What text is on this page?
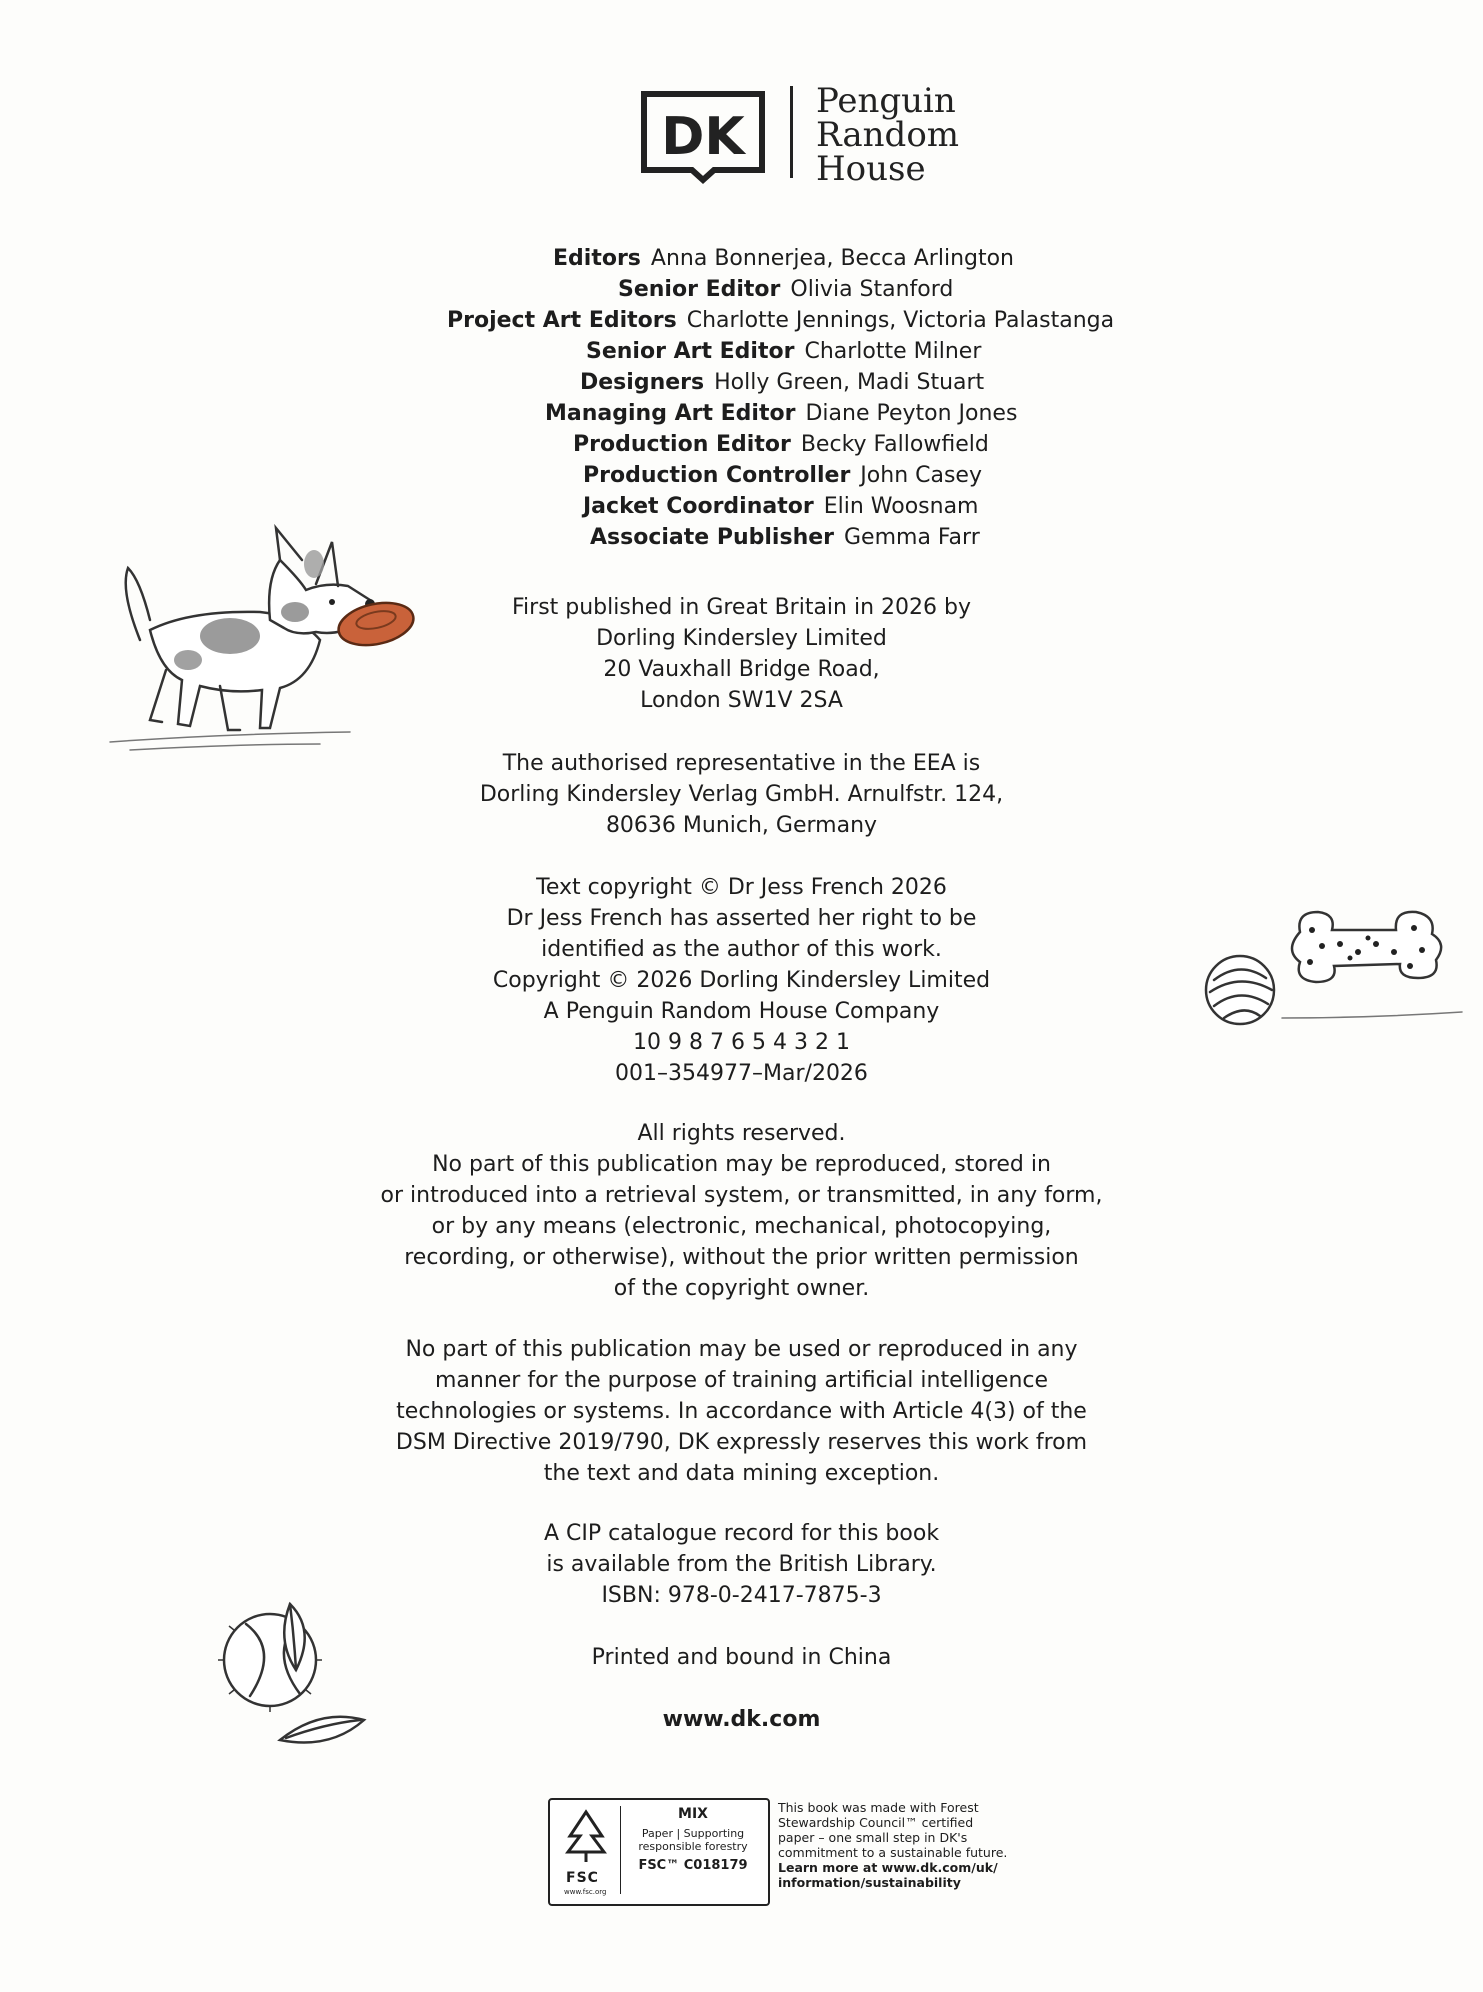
DK
Penguin
Random
House
Editors Anna Bonnerjea, Becca Arlington
Senior Editor Olivia Stanford
Project Art Editors Charlotte Jennings, Victoria Palastanga
Senior Art Editor Charlotte Milner
Designers Holly Green, Madi Stuart
Managing Art Editor Diane Peyton Jones
Production Editor Becky Fallowfield
Production Controller John Casey
Jacket Coordinator Elin Woosnam
Associate Publisher Gemma Farr
First published in Great Britain in 2026 by
Dorling Kindersley Limited
20 Vauxhall Bridge Road,
London SW1V 2SA
The authorised representative in the EEA is
Dorling Kindersley Verlag GmbH. Arnulfstr. 124,
80636 Munich, Germany
Text copyright © Dr Jess French 2026
Dr Jess French has asserted her right to be
identified as the author of this work.
Copyright © 2026 Dorling Kindersley Limited
A Penguin Random House Company
10 9 8 7 6 5 4 3 2 1
001–354977–Mar/2026
All rights reserved.
No part of this publication may be reproduced, stored in
or introduced into a retrieval system, or transmitted, in any form,
or by any means (electronic, mechanical, photocopying,
recording, or otherwise), without the prior written permission
of the copyright owner.
No part of this publication may be used or reproduced in any
manner for the purpose of training artificial intelligence
technologies or systems. In accordance with Article 4(3) of the
DSM Directive 2019/790, DK expressly reserves this work from
the text and data mining exception.
A CIP catalogue record for this book
is available from the British Library.
ISBN: 978-0-2417-7875-3
Printed and bound in China
www.dk.com
FSC
www.fsc.org
MIX
Paper | Supporting
responsible forestry
FSC™ C018179
This book was made with Forest
Stewardship Council™ certified
paper – one small step in DK's
commitment to a sustainable future.
Learn more at www.dk.com/uk/
information/sustainability
